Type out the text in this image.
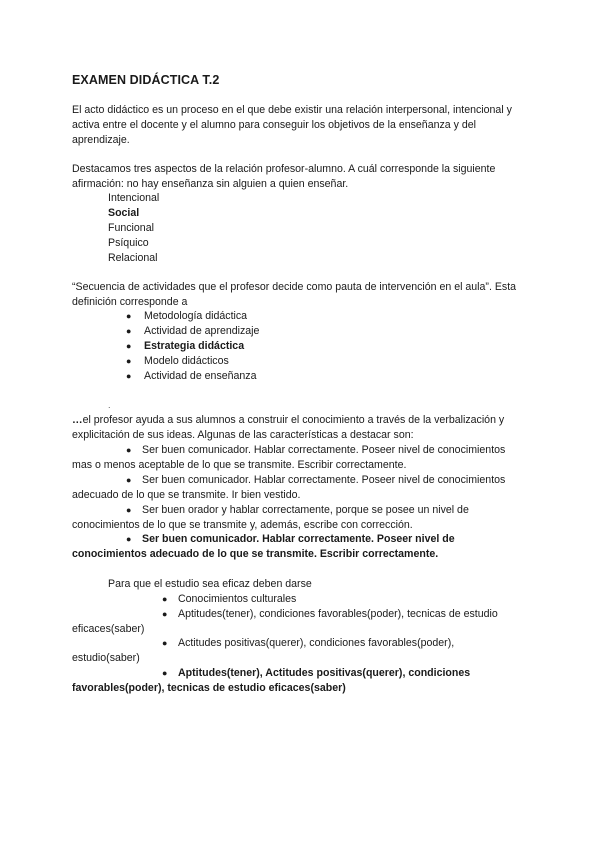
EXAMEN DIDÁCTICA T.2
El acto didáctico es un proceso en el que debe existir una relación interpersonal, intencional y activa entre el docente y el alumno para conseguir los objetivos de la enseñanza y del aprendizaje.
Destacamos tres aspectos de la relación profesor-alumno. A cuál corresponde la siguiente afirmación: no hay enseñanza sin alguien a quien enseñar.
Intencional
Social
Funcional
Psíquico
Relacional
“Secuencia de actividades que el profesor decide como pauta de intervención en el aula”. Esta definición corresponde a
● Metodología didáctica
● Actividad de aprendizaje
● Estrategia didáctica
● Modelo didácticos
● Actividad de enseñanza
.
…el profesor ayuda a sus alumnos a construir el conocimiento a través de la verbalización y explicitación de sus ideas. Algunas de las características a destacar son:
● Ser buen comunicador. Hablar correctamente. Poseer nivel de conocimientos
mas o menos aceptable de lo que se transmite. Escribir correctamente.
● Ser buen comunicador. Hablar correctamente. Poseer nivel de conocimientos
adecuado de lo que se transmite. Ir bien vestido.
● Ser buen orador y hablar correctamente, porque se posee un nivel de
conocimientos de lo que se transmite y, además, escribe con corrección.
● Ser buen comunicador. Hablar correctamente. Poseer nivel de
conocimientos adecuado de lo que se transmite. Escribir correctamente.
Para que el estudio sea eficaz deben darse
● Conocimientos culturales
● Aptitudes(tener), condiciones favorables(poder), tecnicas de estudio
eficaces(saber)
● Actitudes positivas(querer), condiciones favorables(poder),
estudio(saber)
● Aptitudes(tener), Actitudes positivas(querer), condiciones
favorables(poder), tecnicas de estudio eficaces(saber)
